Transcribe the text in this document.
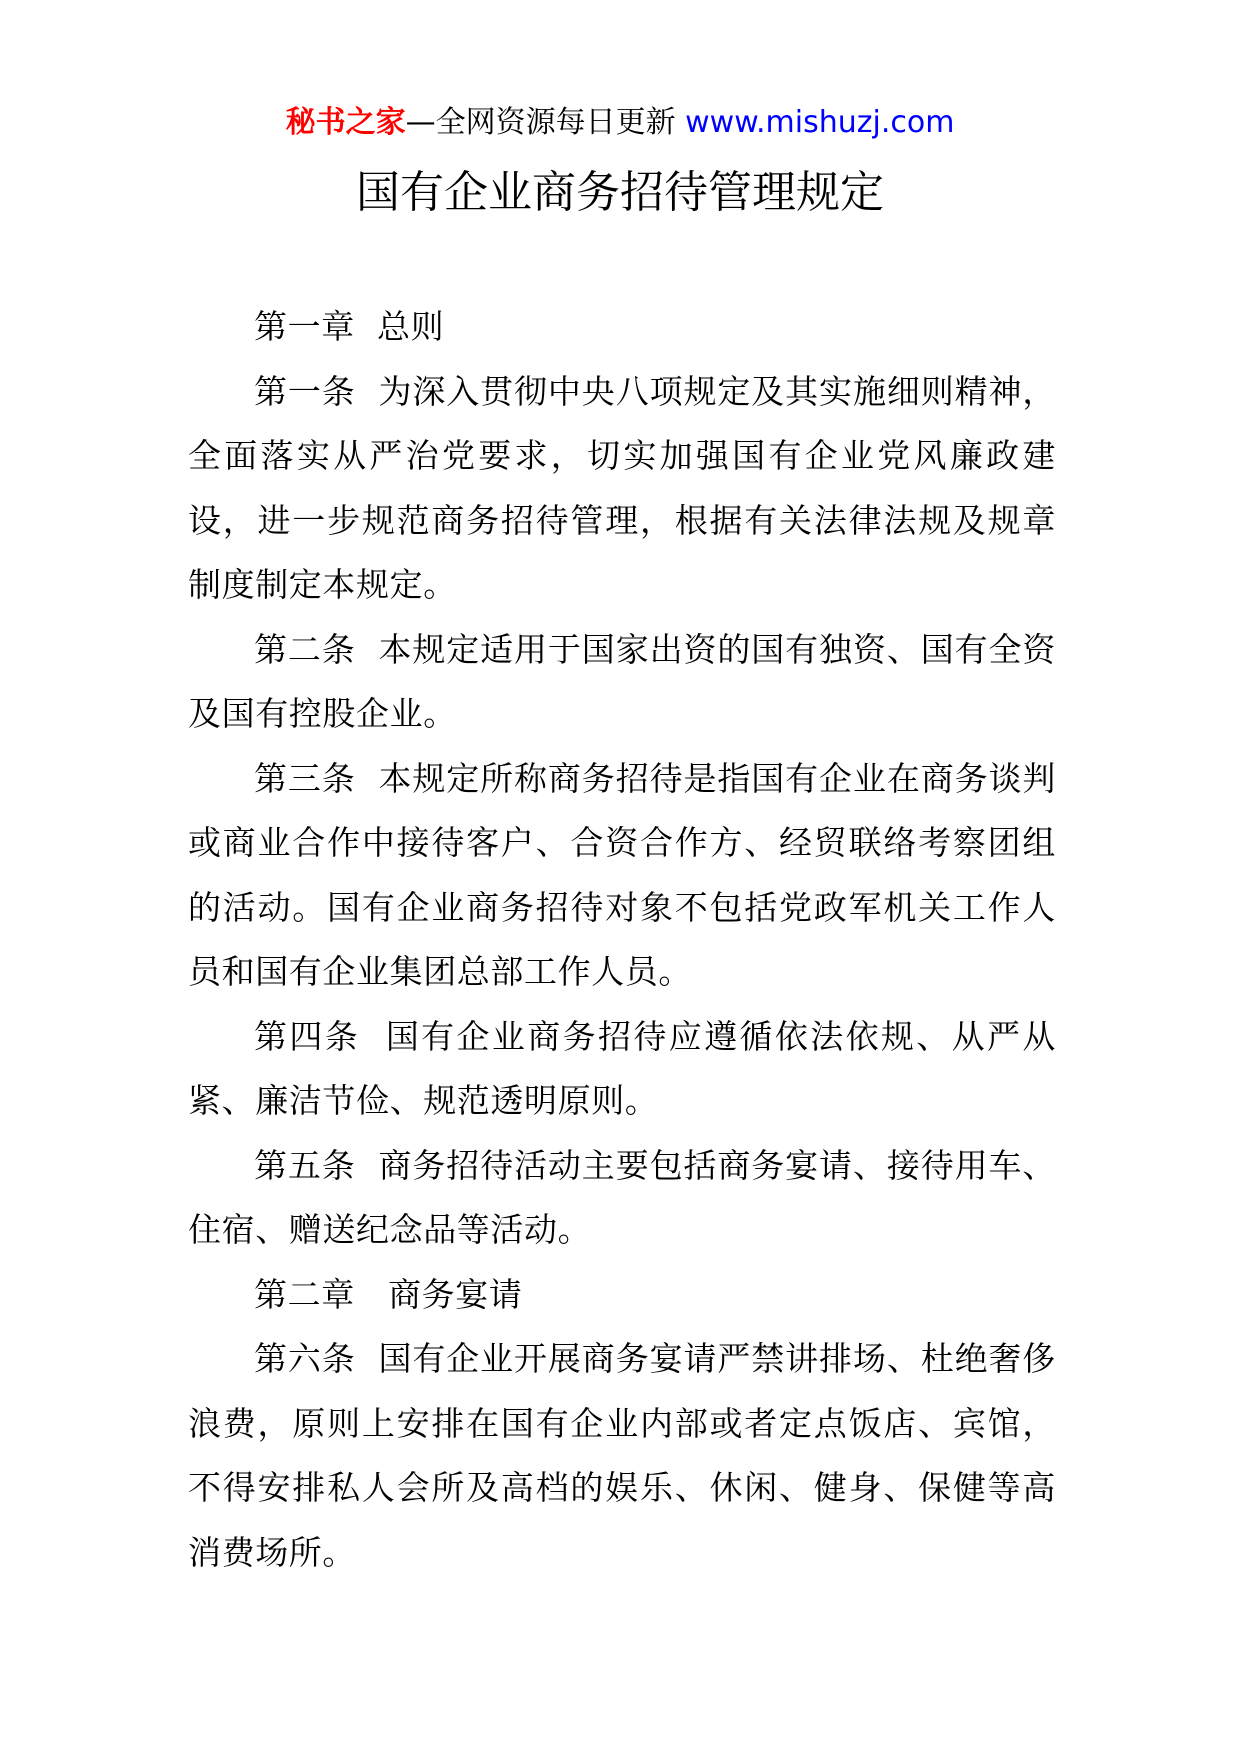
秘书之家—全网资源每日更新 www.mishuzj.com
国有企业商务招待管理规定

第一章  总则

第一条  为深入贯彻中央八项规定及其实施细则精神，全面落实从严治党要求，切实加强国有企业党风廉政建设，进一步规范商务招待管理，根据有关法律法规及规章制度制定本规定。

第二条  本规定适用于国家出资的国有独资、国有全资及国有控股企业。

第三条  本规定所称商务招待是指国有企业在商务谈判或商业合作中接待客户、合资合作方、经贸联络考察团组的活动。国有企业商务招待对象不包括党政军机关工作人员和国有企业集团总部工作人员。

第四条  国有企业商务招待应遵循依法依规、从严从紧、廉洁节俭、规范透明原则。

第五条  商务招待活动主要包括商务宴请、接待用车、住宿、赠送纪念品等活动。

第二章   商务宴请

第六条  国有企业开展商务宴请严禁讲排场、杜绝奢侈浪费，原则上安排在国有企业内部或者定点饭店、宾馆，不得安排私人会所及高档的娱乐、休闲、健身、保健等高消费场所。
